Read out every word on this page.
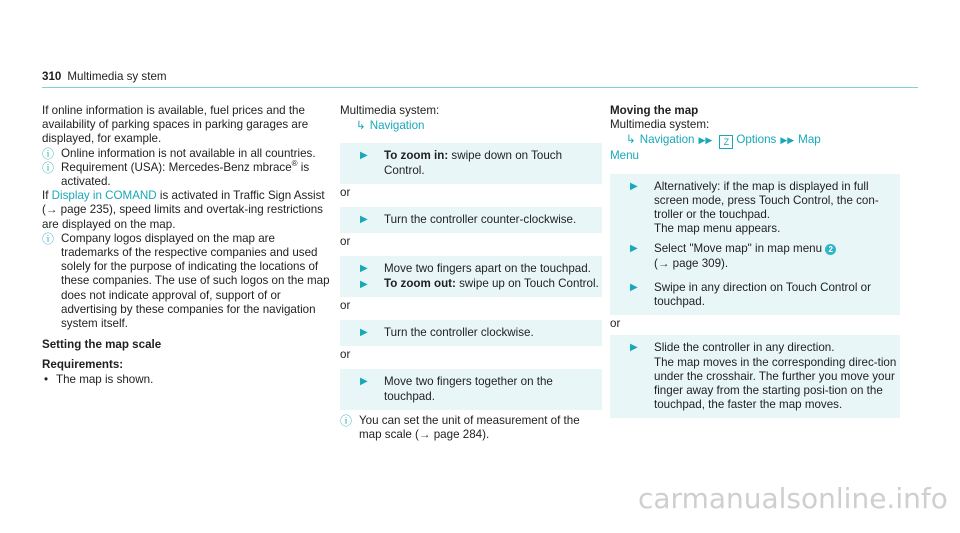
310 Multimedia sy stem

If online information is available, fuel prices and the availability of parking spaces in parking garages are displayed, for example.

ⓘ Online information is not available in all countries.
ⓘ Requirement (USA): Mercedes-Benz mbrace® is activated.

If Display in COMAND is activated in Traffic Sign Assist (→ page 235), speed limits and overtak‐ing restrictions are displayed on the map.

ⓘ Company logos displayed on the map are trademarks of the respective companies and used solely for the purpose of indicating the locations of these companies. The use of such logos on the map does not indicate approval of, support of or advertising by these companies for the navigation system itself.

Setting the map scale

Requirements:

• The map is shown.

Multimedia system:

↳ Navigation
▶ To zoom in: swipe down on Touch Control.

or

▶ Turn the controller counter-clockwise.

or

▶ Move two fingers apart on the touchpad.

▶ To zoom out: swipe up on Touch Control.

or

▶ Turn the controller clockwise.

or

▶ Move two fingers together on the touchpad.
ⓘ You can set the unit of measurement of the map scale (→ page 284).

Moving the map

Multimedia system:

↳ Navigation ▶▶ Z Options ▶▶ Map
Menu
▶ Alternatively: if the map is displayed in full screen mode, press Touch Control, the con‐troller or the touchpad.
The map menu appears.
▶ Select "Move map" in map menu 2
(→ page 309).
▶ Swipe in any direction on Touch Control or touchpad.

or

▶ Slide the controller in any direction.
The map moves in the corresponding direc‐tion under the crosshair. The further you move your finger away from the starting posi‐tion on the touchpad, the faster the map moves.
carmanualsonline.info
